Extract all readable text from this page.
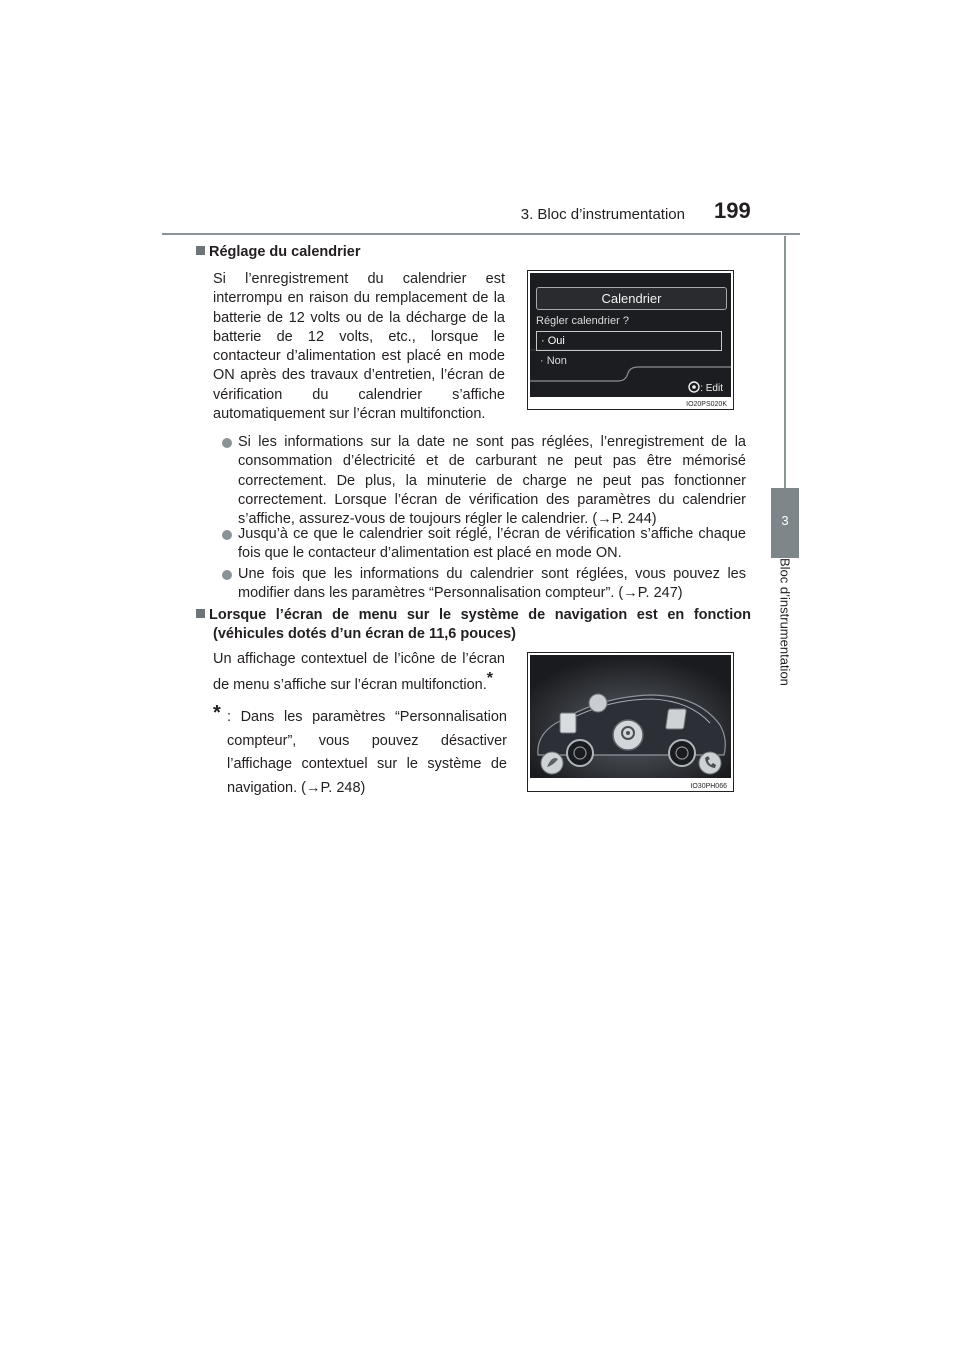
3. Bloc d’instrumentation 199
3
Bloc d’instrumentation
Réglage du calendrier
Si l’enregistrement du calendrier est interrompu en raison du remplacement de la batterie de 12 volts ou de la décharge de la batterie de 12 volts, etc., lorsque le contacteur d’alimentation est placé en mode ON après des travaux d’entretien, l’écran de vérification du calendrier s’affiche automatiquement sur l’écran multifonction.
Calendrier
Régler calendrier ?
· Oui
· Non
: Edit
IO20PS020K
Si les informations sur la date ne sont pas réglées, l’enregistrement de la consommation d’électricité et de carburant ne peut pas être mémorisé correctement. De plus, la minuterie de charge ne peut pas fonctionner correctement. Lorsque l’écran de vérification des paramètres du calendrier s’affiche, assurez-vous de toujours régler le calendrier. (→P. 244)
Jusqu’à ce que le calendrier soit réglé, l’écran de vérification s’affiche chaque fois que le contacteur d’alimentation est placé en mode ON.
Une fois que les informations du calendrier sont réglées, vous pouvez les modifier dans les paramètres “Personnalisation compteur”. (→P. 247)
Lorsque l’écran de menu sur le système de navigation est en fonction (véhicules dotés d’un écran de 11,6 pouces)
Un affichage contextuel de l’icône de l’écran de menu s’affiche sur l’écran multifonction.*
* : Dans les paramètres “Personnalisation compteur”, vous pouvez désactiver l’affichage contextuel sur le système de navigation. (→P. 248)	IO30PH066
